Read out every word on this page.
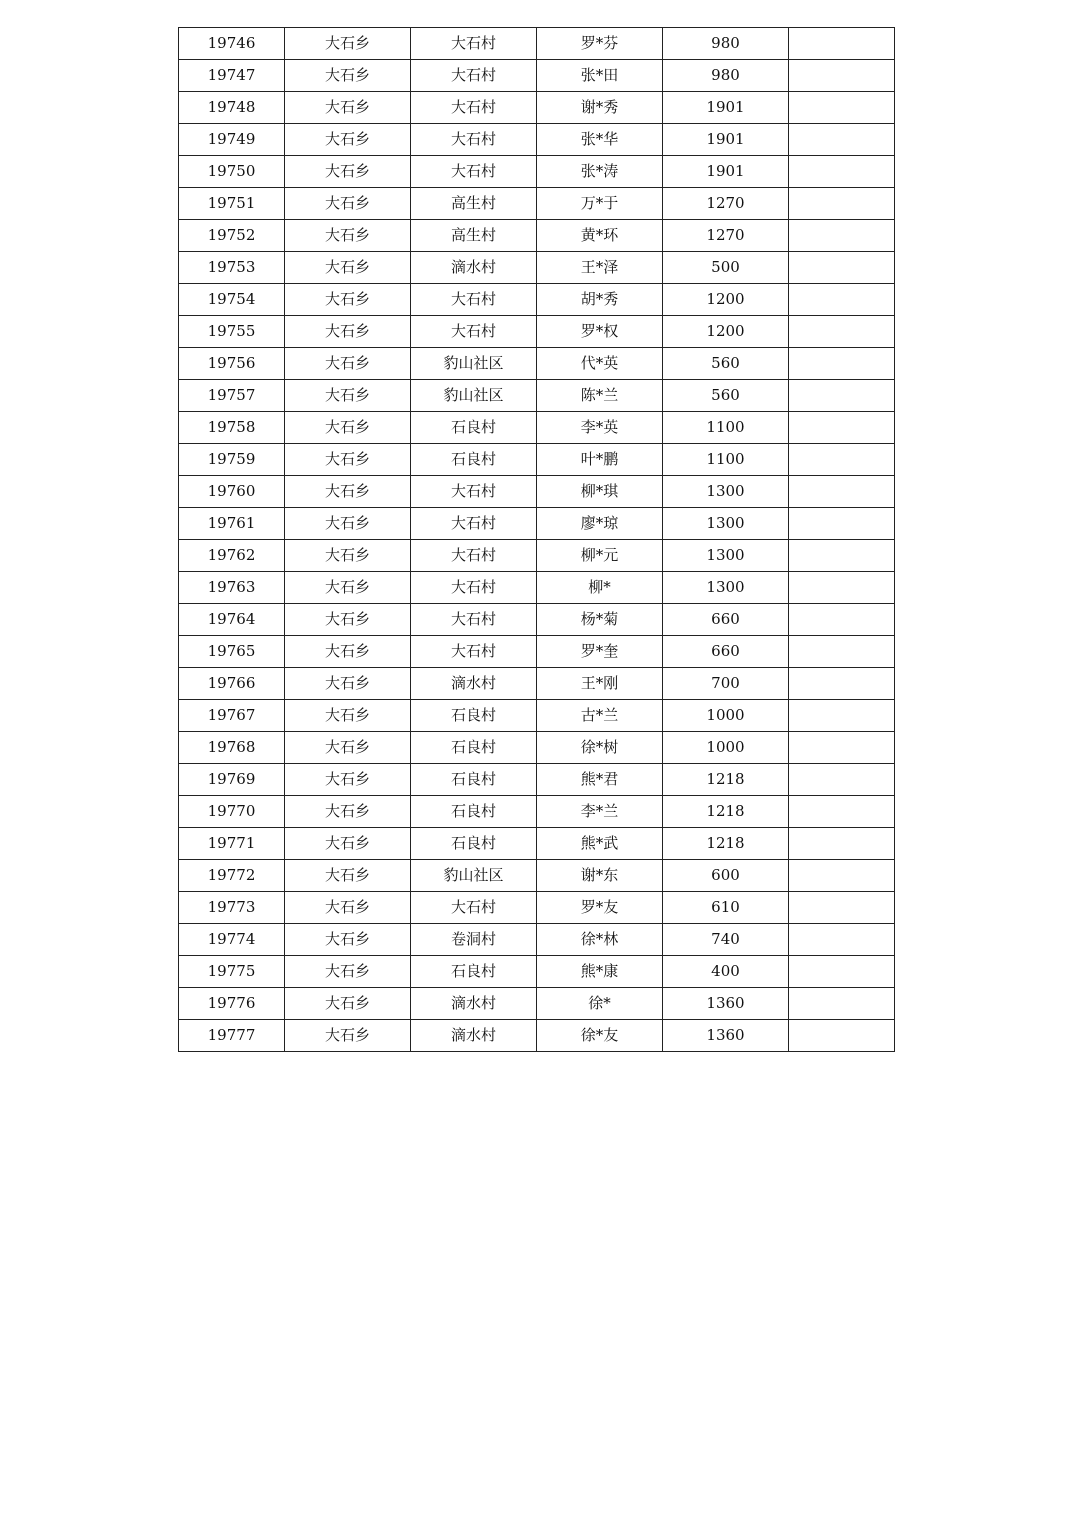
19746	大石乡	大石村	罗*芬	980	
19747	大石乡	大石村	张*田	980	
19748	大石乡	大石村	谢*秀	1901	
19749	大石乡	大石村	张*华	1901	
19750	大石乡	大石村	张*涛	1901	
19751	大石乡	高生村	万*于	1270	
19752	大石乡	高生村	黄*环	1270	
19753	大石乡	滴水村	王*泽	500	
19754	大石乡	大石村	胡*秀	1200	
19755	大石乡	大石村	罗*权	1200	
19756	大石乡	豹山社区	代*英	560	
19757	大石乡	豹山社区	陈*兰	560	
19758	大石乡	石良村	李*英	1100	
19759	大石乡	石良村	叶*鹏	1100	
19760	大石乡	大石村	柳*琪	1300	
19761	大石乡	大石村	廖*琼	1300	
19762	大石乡	大石村	柳*元	1300	
19763	大石乡	大石村	柳*	1300	
19764	大石乡	大石村	杨*菊	660	
19765	大石乡	大石村	罗*奎	660	
19766	大石乡	滴水村	王*刚	700	
19767	大石乡	石良村	古*兰	1000	
19768	大石乡	石良村	徐*树	1000	
19769	大石乡	石良村	熊*君	1218	
19770	大石乡	石良村	李*兰	1218	
19771	大石乡	石良村	熊*武	1218	
19772	大石乡	豹山社区	谢*东	600	
19773	大石乡	大石村	罗*友	610	
19774	大石乡	卷洞村	徐*林	740	
19775	大石乡	石良村	熊*康	400	
19776	大石乡	滴水村	徐*	1360	
19777	大石乡	滴水村	徐*友	1360	
